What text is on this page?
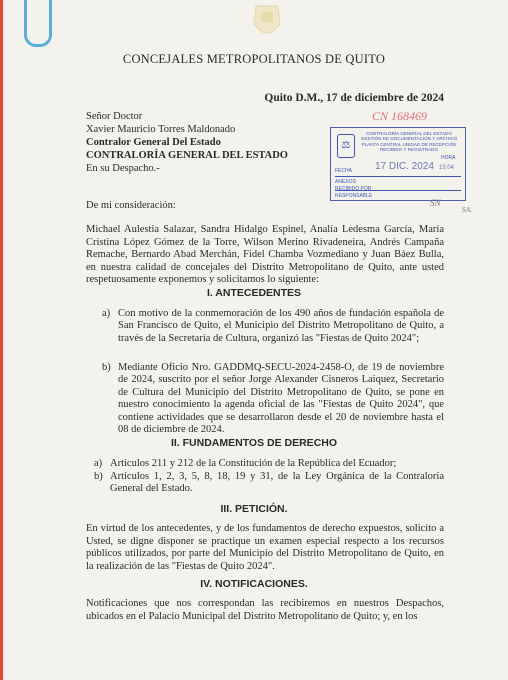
CONCEJALES METROPOLITANOS DE QUITO
Quito D.M., 17 de diciembre de 2024
Señor Doctor
Xavier Mauricio Torres Maldonado
Contralor General Del Estado
CONTRALORÍA GENERAL DEL ESTADO
En su Despacho.-
CN 168469
⚖
CONTRALORÍA GENERAL DEL ESTADO GESTIÓN DE DOCUMENTACIÓN Y ARCHIVO PLANTA CENTRAL UNIDAD DE RECEPCIÓN RECIBIDO Y REGISTRADO
FECHA 17 DIC. 2024
HORA
15:04
ANEXOS
RECIBIDO POR
RESPONSABLE
SN
SA.
De mi consideración:
Michael Aulestia Salazar, Sandra Hidalgo Espinel, Analía Ledesma García, María Cristina López Gómez de la Torre, Wilson Merino Rivadeneira, Andrés Campaña Remache, Bernardo Abad Merchán, Fidel Chamba Vozmediano y Juan Báez Bulla, en nuestra calidad de concejales del Distrito Metropolitano de Quito, ante usted respetuosamente exponemos y solicitamos lo siguiente:
I. ANTECEDENTES
a) Con motivo de la conmemoración de los 490 años de fundación española de San Francisco de Quito, el Municipio del Distrito Metropolitano de Quito, a través de la Secretaria de Cultura, organizó las "Fiestas de Quito 2024";
b) Mediante Oficio Nro. GADDMQ-SECU-2024-2458-O, de 19 de noviembre de 2024, suscrito por el señor Jorge Alexander Cisneros Laiquez, Secretario de Cultura del Municipio del Distrito Metropolitano de Quito, se pone en nuestro conocimiento la agenda oficial de las "Fiestas de Quito 2024", que contiene actividades que se desarrollaron desde el 20 de noviembre hasta el 08 de diciembre de 2024.
II. FUNDAMENTOS DE DERECHO
a) Artículos 211 y 212 de la Constitución de la República del Ecuador;
b) Artículos 1, 2, 3, 5, 8, 18, 19 y 31, de la Ley Orgánica de la Contraloría General del Estado.
III. PETICIÓN.
En virtud de los antecedentes, y de los fundamentos de derecho expuestos, solicito a Usted, se digne disponer se practique un examen especial respecto a los recursos públicos utilizados, por parte del Municipio del Distrito Metropolitano de Quito, en la realización de las "Fiestas de Quito 2024".
IV. NOTIFICACIONES.
Notificaciones que nos correspondan las recibiremos en nuestros Despachos, ubicados en el Palacio Municipal del Distrito Metropolitano de Quito; y, en los
